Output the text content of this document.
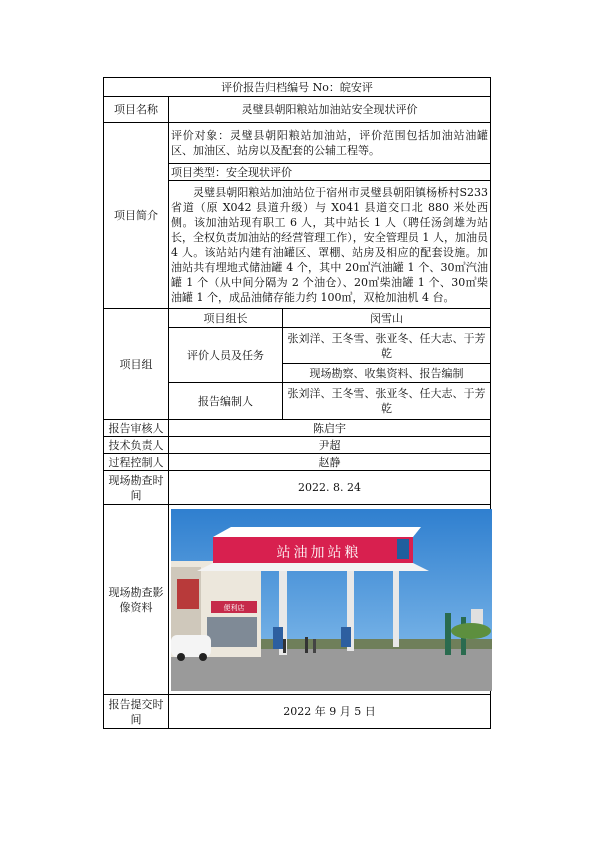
评价报告归档编号 No：皖安评		
项目名称	灵璧县朝阳粮站加油站安全现状评价	
项目简介	评价对象：灵璧县朝阳粮站加油站，评价范围包括加油站油罐区、加油区、站房以及配套的公辅工程等。	
	项目类型：安全现状评价	
	灵璧县朝阳粮站加油站位于宿州市灵璧县朝阳镇杨桥村S233 省道（原 X042 县道升级）与 X041 县道交口北 880 米处西侧。该加油站现有职工 6 人，其中站长 1 人（聘任汤剑雄为站长，全权负责加油站的经营管理工作），安全管理员 1 人，加油员 4 人。该站站内建有油罐区、罩棚、站房及相应的配套设施。加油站共有埋地式储油罐 4 个，其中 20㎥汽油罐 1 个、30㎥汽油罐 1 个（从中间分隔为 2 个油仓）、20㎥柴油罐 1 个、30㎥柴油罐 1 个，成品油储存能力约 100㎥，双枪加油机 4 台。	
项目组	项目组长	闵雪山
	评价人员及任务	张刘洋、王冬雪、张亚冬、任大志、于芳乾
		现场勘察、收集资料、报告编制
	报告编制人	张刘洋、王冬雪、张亚冬、任大志、于芳乾

报告审核人	陈启宇	
技术负责人	尹超	
过程控制人	赵静	
现场勘查时间	2022. 8. 24	
现场勘查影像资料	便利店
站油加站粮	

报告提交时间	2022 年 9 月 5 日	
